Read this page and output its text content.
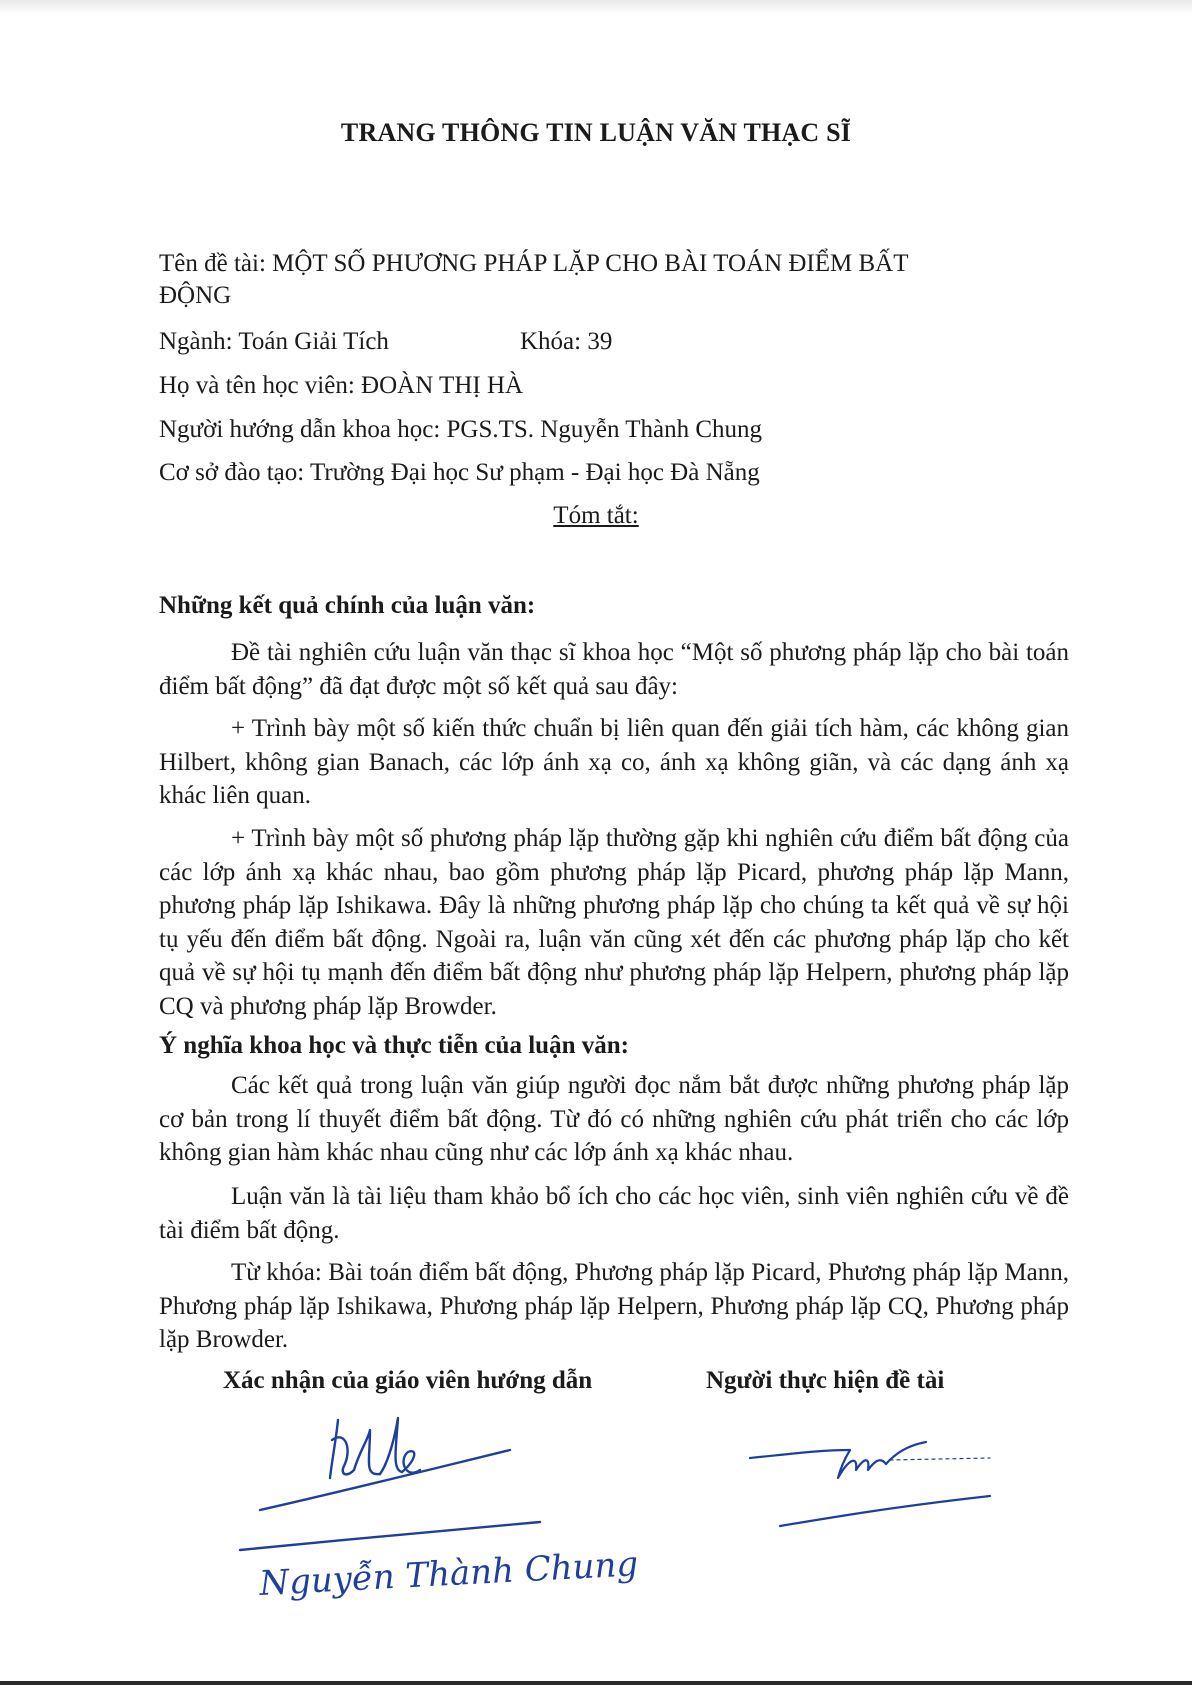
TRANG THÔNG TIN LUẬN VĂN THẠC SĨ
Tên đề tài: MỘT SỐ PHƯƠNG PHÁP LẶP CHO BÀI TOÁN ĐIỂM BẤT
ĐỘNG
Ngành: Toán Giải Tích	Khóa: 39
Họ và tên học viên: ĐOÀN THỊ HÀ
Người hướng dẫn khoa học: PGS.TS. Nguyễn Thành Chung
Cơ sở đào tạo: Trường Đại học Sư phạm - Đại học Đà Nẵng
Tóm tắt:
Những kết quả chính của luận văn:

Đề tài nghiên cứu luận văn thạc sĩ khoa học “Một số phương pháp lặp cho bài toán điểm bất động” đã đạt được một số kết quả sau đây:

+ Trình bày một số kiến thức chuẩn bị liên quan đến giải tích hàm, các không gian Hilbert, không gian Banach, các lớp ánh xạ co, ánh xạ không giãn, và các dạng ánh xạ khác liên quan.

+ Trình bày một số phương pháp lặp thường gặp khi nghiên cứu điểm bất động của các lớp ánh xạ khác nhau, bao gồm phương pháp lặp Picard, phương pháp lặp Mann, phương pháp lặp Ishikawa. Đây là những phương pháp lặp cho chúng ta kết quả về sự hội tụ yếu đến điểm bất động. Ngoài ra, luận văn cũng xét đến các phương pháp lặp cho kết quả về sự hội tụ mạnh đến điểm bất động như phương pháp lặp Helpern, phương pháp lặp CQ và phương pháp lặp Browder.

Ý nghĩa khoa học và thực tiễn của luận văn:

Các kết quả trong luận văn giúp người đọc nắm bắt được những phương pháp lặp cơ bản trong lí thuyết điểm bất động. Từ đó có những nghiên cứu phát triển cho các lớp không gian hàm khác nhau cũng như các lớp ánh xạ khác nhau.

Luận văn là tài liệu tham khảo bổ ích cho các học viên, sinh viên nghiên cứu về đề tài điểm bất động.

Từ khóa: Bài toán điểm bất động, Phương pháp lặp Picard, Phương pháp lặp Mann, Phương pháp lặp Ishikawa, Phương pháp lặp Helpern, Phương pháp lặp CQ, Phương pháp lặp Browder.

Xác nhận của giáo viên hướng dẫn	Người thực hiện đề tài
Nguyễn Thành Chung
